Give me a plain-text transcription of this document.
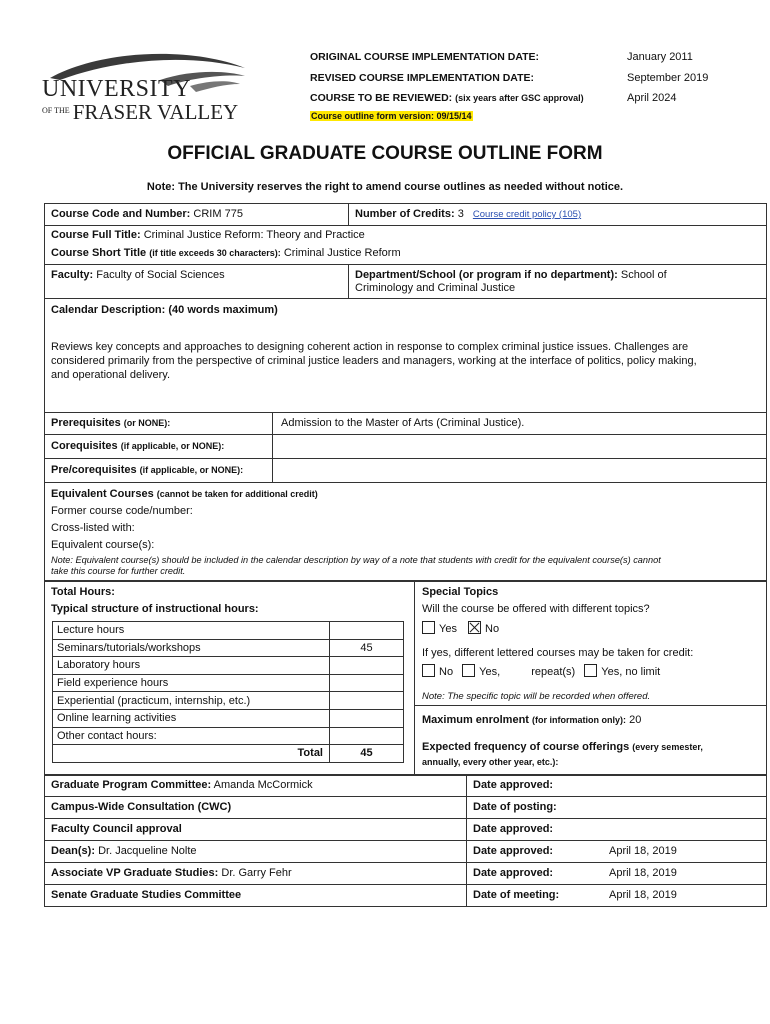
UNIVERSITY
$^{OF THE}$ FRASER VALLEY
ORIGINAL COURSE IMPLEMENTATION DATE:	January 2011
REVISED COURSE IMPLEMENTATION DATE:	September 2019
COURSE TO BE REVIEWED: (six years after GSC approval)	April 2024
Course outline form version: 09/15/14
OFFICIAL GRADUATE COURSE OUTLINE FORM
Note: The University reserves the right to amend course outlines as needed without notice.
Course Code and Number: CRIM 775	Number of Credits: 3 Course credit policy (105)
Course Full Title: Criminal Justice Reform: Theory and Practice
Course Short Title (if title exceeds 30 characters): Criminal Justice Reform
Faculty: Faculty of Social Sciences	Department/School (or program if no department): School of
Criminology and Criminal Justice
Calendar Description: (40 words maximum)
Reviews key concepts and approaches to designing coherent action in response to complex criminal justice issues. Challenges are
considered primarily from the perspective of criminal justice leaders and managers, working at the interface of politics, policy making,
and operational delivery.
Prerequisites (or NONE):	Admission to the Master of Arts (Criminal Justice).
Corequisites (if applicable, or NONE):
Pre/corequisites (if applicable, or NONE):
Equivalent Courses (cannot be taken for additional credit)
Former course code/number:
Cross-listed with:
Equivalent course(s):
Note: Equivalent course(s) should be included in the calendar description by way of a note that students with credit for the equivalent course(s) cannot
take this course for further credit.
Total Hours:
Typical structure of instructional hours:
Lecture hours	
Seminars/tutorials/workshops	45
Laboratory hours	
Field experience hours	
Experiential (practicum, internship, etc.)	
Online learning activities	
Other contact hours:	
Total	45
Special Topics
Will the course be offered with different topics?
Yes	No
If yes, different lettered courses may be taken for credit:
No Yes,	repeat(s) Yes, no limit
Note: The specific topic will be recorded when offered.
Maximum enrolment (for information only): 20
Expected frequency of course offerings (every semester,
annually, every other year, etc.):
Graduate Program Committee: Amanda McCormick	Date approved:
Campus-Wide Consultation (CWC)	Date of posting:
Faculty Council approval	Date approved:
Dean(s): Dr. Jacqueline Nolte	Date approved:	April 18, 2019
Associate VP Graduate Studies: Dr. Garry Fehr	Date approved:	April 18, 2019
Senate Graduate Studies Committee	Date of meeting:	April 18, 2019
